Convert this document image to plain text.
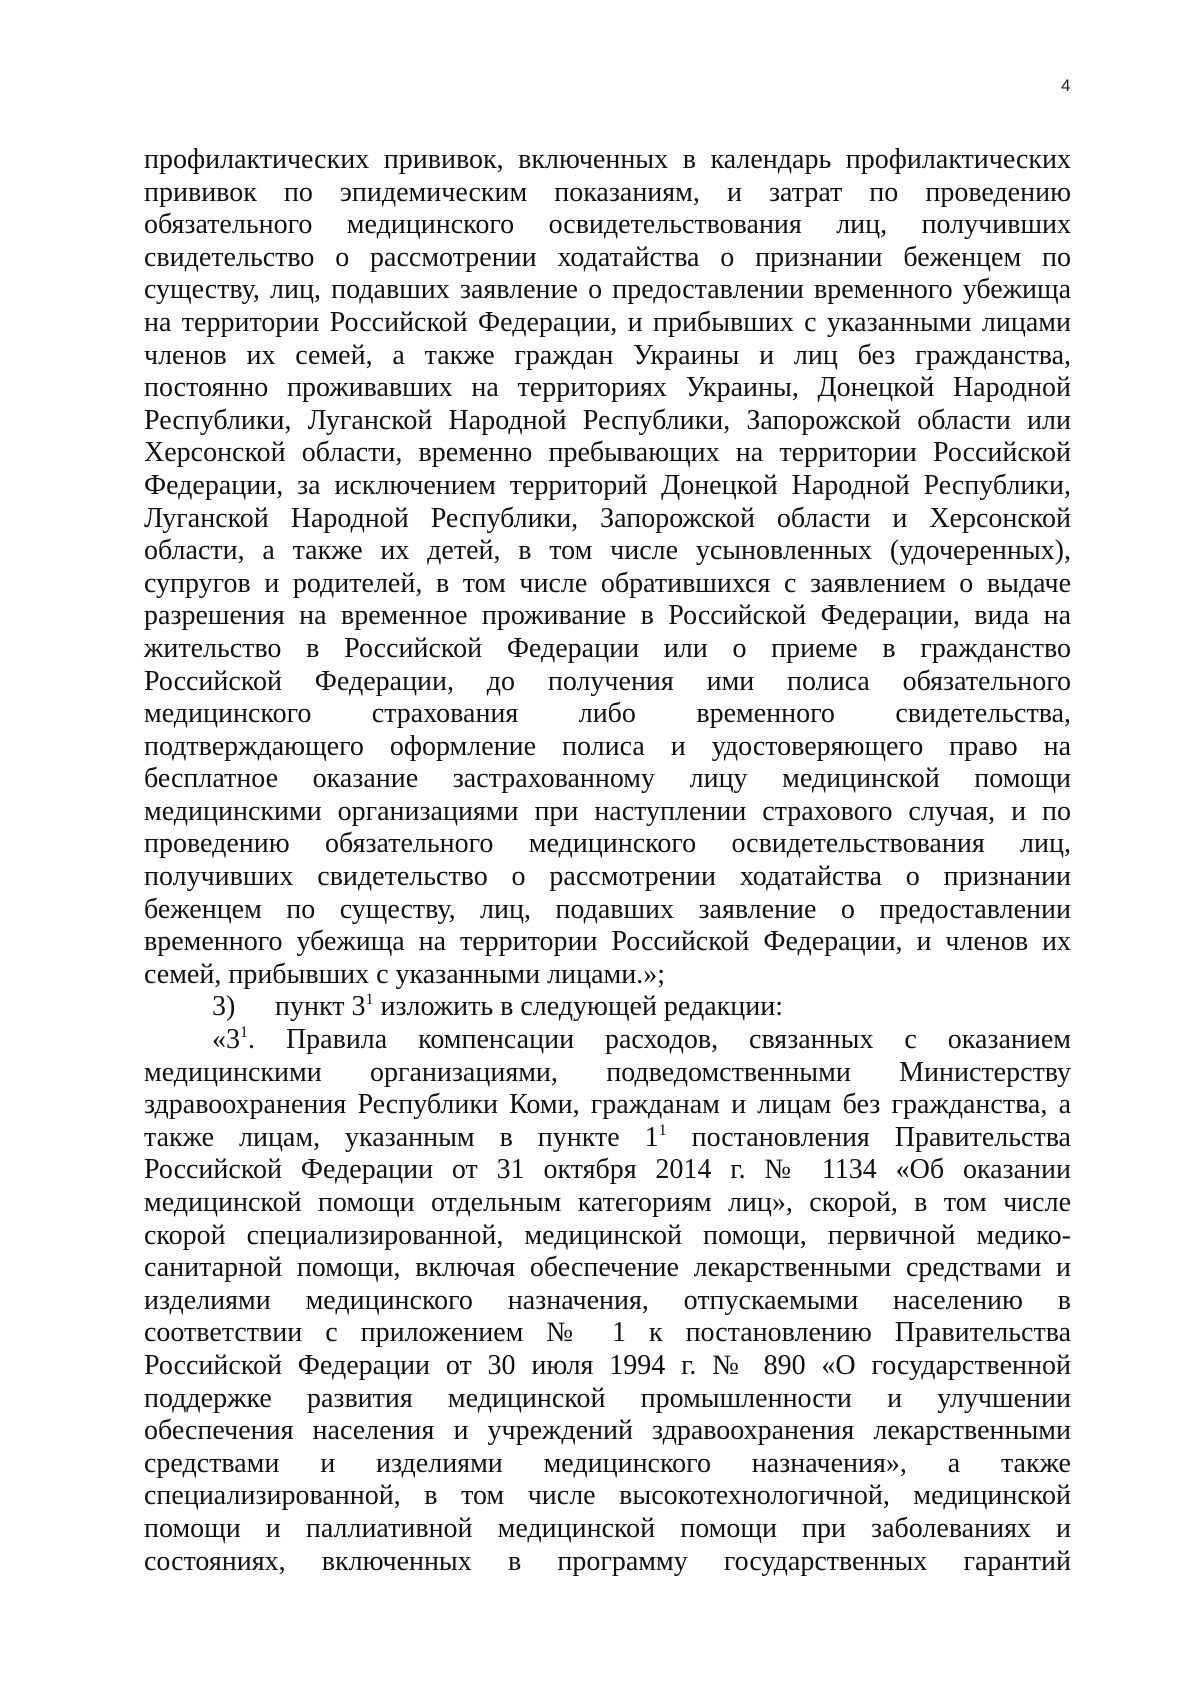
4
профилактических прививок, включенных в календарь профилактических
прививок по эпидемическим показаниям, и затрат по проведению
обязательного медицинского освидетельствования лиц, получивших
свидетельство о рассмотрении ходатайства о признании беженцем по
существу, лиц, подавших заявление о предоставлении временного убежища
на территории Российской Федерации, и прибывших с указанными лицами
членов их семей, а также граждан Украины и лиц без гражданства,
постоянно проживавших на территориях Украины, Донецкой Народной
Республики, Луганской Народной Республики, Запорожской области или
Херсонской области, временно пребывающих на территории Российской
Федерации, за исключением территорий Донецкой Народной Республики,
Луганской Народной Республики, Запорожской области и Херсонской
области, а также их детей, в том числе усыновленных (удочеренных),
супругов и родителей, в том числе обратившихся с заявлением о выдаче
разрешения на временное проживание в Российской Федерации, вида на
жительство в Российской Федерации или о приеме в гражданство
Российской Федерации, до получения ими полиса обязательного
медицинского страхования либо временного свидетельства,
подтверждающего оформление полиса и удостоверяющего право на
бесплатное оказание застрахованному лицу медицинской помощи
медицинскими организациями при наступлении страхового случая, и по
проведению обязательного медицинского освидетельствования лиц,
получивших свидетельство о рассмотрении ходатайства о признании
беженцем по существу, лиц, подавших заявление о предоставлении
временного убежища на территории Российской Федерации, и членов их
семей, прибывших с указанными лицами.»;
3) пункт $3^1$ изложить в следующей редакции:
«$3^1$. Правила компенсации расходов, связанных с оказанием
медицинскими организациями, подведомственными Министерству
здравоохранения Республики Коми, гражданам и лицам без гражданства, а
также лицам, указанным в пункте $1^1$ постановления Правительства
Российской Федерации от 31 октября 2014 г. № 1134 «Об оказании
медицинской помощи отдельным категориям лиц», скорой, в том числе
скорой специализированной, медицинской помощи, первичной медико-
санитарной помощи, включая обеспечение лекарственными средствами и
изделиями медицинского назначения, отпускаемыми населению в
соответствии с приложением № 1 к постановлению Правительства
Российской Федерации от 30 июля 1994 г. № 890 «О государственной
поддержке развития медицинской промышленности и улучшении
обеспечения населения и учреждений здравоохранения лекарственными
средствами и изделиями медицинского назначения», а также
специализированной, в том числе высокотехнологичной, медицинской
помощи и паллиативной медицинской помощи при заболеваниях и
состояниях, включенных в программу государственных гарантий
